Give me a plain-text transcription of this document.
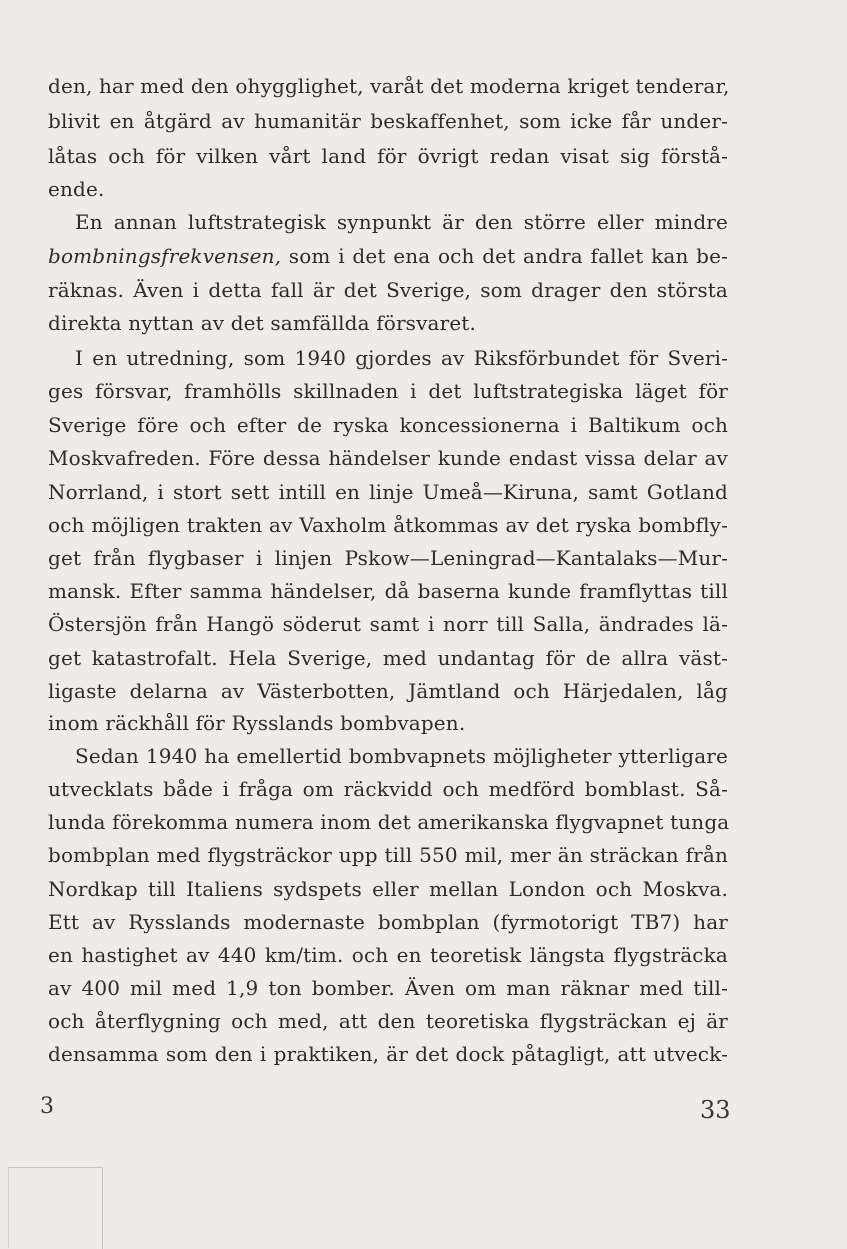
den, har med den ohygglighet, varåt det moderna kriget tenderar,
blivit en åtgärd av humanitär beskaffenhet, som icke får under-
låtas och för vilken vårt land för övrigt redan visat sig förstå-
ende.
En annan luftstrategisk synpunkt är den större eller mindre
bombningsfrekvensen, som i det ena och det andra fallet kan be-
räknas. Även i detta fall är det Sverige, som drager den största
direkta nyttan av det samfällda försvaret.
I en utredning, som 1940 gjordes av Riksförbundet för Sveri-
ges försvar, framhölls skillnaden i det luftstrategiska läget för
Sverige före och efter de ryska koncessionerna i Baltikum och
Moskvafreden. Före dessa händelser kunde endast vissa delar av
Norrland, i stort sett intill en linje Umeå—Kiruna, samt Gotland
och möjligen trakten av Vaxholm åtkommas av det ryska bombfly-
get från flygbaser i linjen Pskow—Leningrad—Kantalaks—Mur-
mansk. Efter samma händelser, då baserna kunde framflyttas till
Östersjön från Hangö söderut samt i norr till Salla, ändrades lä-
get katastrofalt. Hela Sverige, med undantag för de allra väst-
ligaste delarna av Västerbotten, Jämtland och Härjedalen, låg
inom räckhåll för Rysslands bombvapen.
Sedan 1940 ha emellertid bombvapnets möjligheter ytterligare
utvecklats både i fråga om räckvidd och medförd bomblast. Så-
lunda förekomma numera inom det amerikanska flygvapnet tunga
bombplan med flygsträckor upp till 550 mil, mer än sträckan från
Nordkap till Italiens sydspets eller mellan London och Moskva.
Ett av Rysslands modernaste bombplan (fyrmotorigt TB7) har
en hastighet av 440 km/tim. och en teoretisk längsta flygsträcka
av 400 mil med 1,9 ton bomber. Även om man räknar med till-
och återflygning och med, att den teoretiska flygsträckan ej är
densamma som den i praktiken, är det dock påtagligt, att utveck-
3	33
